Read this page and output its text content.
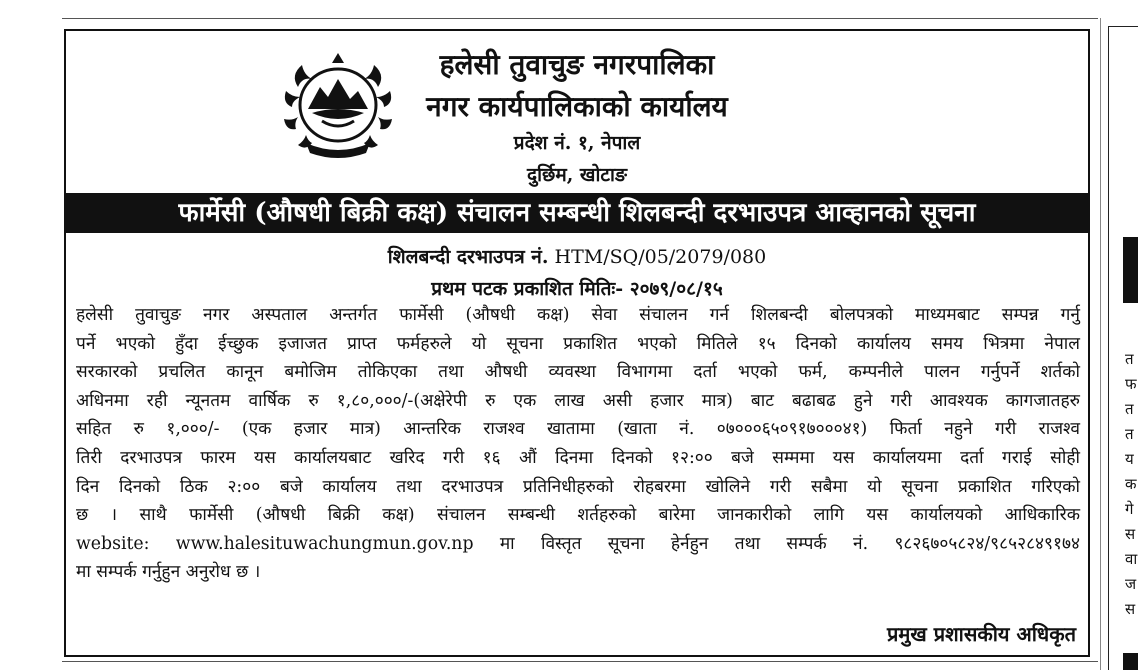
हलेसी तुवाचुङ नगरपालिका
नगर कार्यपालिकाको कार्यालय
प्रदेश नं. १, नेपाल
दुर्छिम, खोटाङ
फार्मेसी (औषधी बिक्री कक्ष) संचालन सम्बन्धी शिलबन्दी दरभाउपत्र आव्हानको सूचना
शिलबन्दी दरभाउपत्र नं. HTM/SQ/05/2079/080
प्रथम पटक प्रकाशित मितिः- २०७९/०८/१५
हलेसी तुवाचुङ नगर अस्पताल अन्तर्गत फार्मेसी (औषधी कक्ष) सेवा संचालन गर्न शिलबन्दी बोलपत्रको माध्यमबाट सम्पन्न गर्नु
पर्ने भएको हुँदा ईच्छुक इजाजत प्राप्त फर्महरुले यो सूचना प्रकाशित भएको मितिले १५ दिनको कार्यालय समय भित्रमा नेपाल
सरकारको प्रचलित कानून बमोजिम तोकिएका तथा औषधी व्यवस्था विभागमा दर्ता भएको फर्म, कम्पनीले पालन गर्नुपर्ने शर्तको
अधिनमा रही न्यूनतम वार्षिक रु १,८०,०००/-(अक्षेरेपी रु एक लाख असी हजार मात्र) बाट बढाबढ हुने गरी आवश्यक कागजातहरु
सहित रु १,०००/- (एक हजार मात्र) आन्तरिक राजश्व खातामा (खाता नं. ०७०००६५०९१७०००४१) फिर्ता नहुने गरी राजश्व
तिरी दरभाउपत्र फारम यस कार्यालयबाट खरिद गरी १६ औं दिनमा दिनको १२:०० बजे सम्ममा यस कार्यालयमा दर्ता गराई सोही
दिन दिनको ठिक २:०० बजे कार्यालय तथा दरभाउपत्र प्रतिनिधीहरुको रोहबरमा खोलिने गरी सबैमा यो सूचना प्रकाशित गरिएको
छ । साथै फार्मेसी (औषधी बिक्री कक्ष) संचालन सम्बन्धी शर्तहरुको बारेमा जानकारीको लागि यस कार्यालयको आधिकारिक
website: www.halesituwachungmun.gov.np मा विस्तृत सूचना हेर्नहुन तथा सम्पर्क नं. ९८२६७०५८२४/९८५२८४९१७४
मा सम्पर्क गर्नुहुन अनुरोध छ ।
प्रमुख प्रशासकीय अधिकृत
त
फ
त
त
य
क
गे
स
वा
ज
स
